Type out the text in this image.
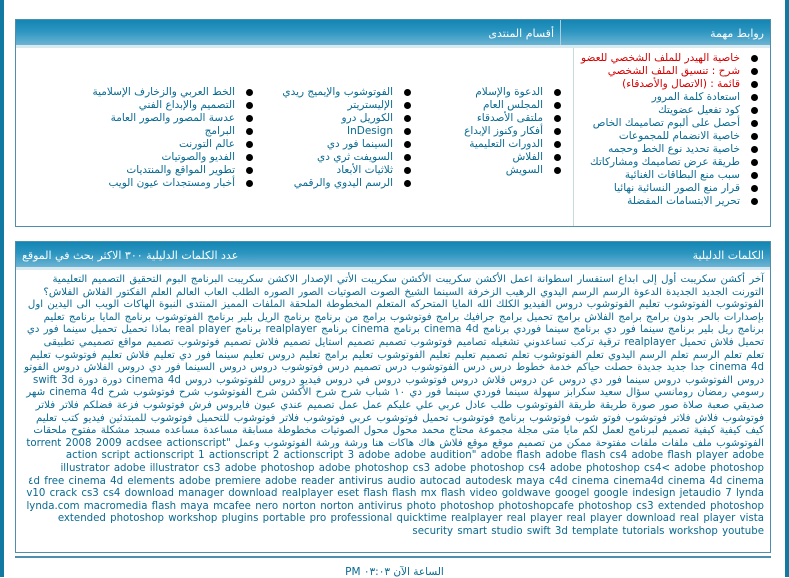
روابط مهمة
أقسام المنتدى
خاصية الهيدر للملف الشخصي للعضو
شرح : تنسيق الملف الشخصي
قائمة : (الاتصال والأصدقاء)
استعادة كلمة المرور
كود تفعيل عضويتك
أحصل على ألبوم تصاميمك الخاص
خاصية الانضمام للمجموعات
خاصية تحديد نوع الخط وحجمه
طريقة عرض تصاميمك ومشاركاتك
سبب منع البطاقات الغنائية
قرار منع الصور النسائية نهائيا
تحرير الابتسامات المفضلة
الدعوة والإسلام
المجلس العام
ملتقى الأصدقاء
أفكار وكنوز الإبداع
الدورات التعليمية
الفلاش
السويش
الفوتوشوب والإيميج ريدي
الإليستريتر
الكوريل درو
InDesign
السينما فور دي
السويفت ثري دي
ثلاثيات الأبعاد
الرسم اليدوي والرقمي
الخط العربي والزخارف الإسلامية
التصميم والإبداع الفني
عدسة المصور والصور العامة
البرامج
عالم التورنت
الفديو والصوتيات
تطوير المواقع والمنتديات
أخبار ومستجدات عيون الويب
الكلمات الدليلية
عدد الكلمات الدليلية ٣٠٠ الاكثر بحث في الموقع
آخر أكشن سكريبت أول إلى ابداع استفسار اسطوانة اعمل الأكشن سكريبت الأكشن سكريبت الأتي الإصدار الاكشن سكريبت البرنامج البوم التحقيق التصميم التعليمية التورنت الجديد الجديدة الدعوة الرسم الرسم اليدوي الرهيب الزخرفة السينما الشيخ الصوت الصوتيات الصور الصوره الطلب العاب العالم العلم الفكتور الفلاش الفلاش؟ الفوتوشوب الفوتوشوب تعليم الفوتوشوب دروس الفيديو الكلك الله المايا المتحركه المتعلم المخطوطة الملحقة الملفات المميز المنتدى النبوة الهاكات الويب الى اليدين اول بإصدارات بالحر بدون برامج برامج الفلاش برامج تحميل برامج جرافيك برامج فوتوشوب برامج من برنامج برنامج الريل بلير برنامج الفوتوشوب برنامج المايا برنامج تعليم برنامج ريل بلير برنامج سينما فور دي برنامج سينما فوردي برنامج cinema 4d برنامج cinema برنامج realplayer برنامج real player بماذا تحميل تحميل سينما فور دي تحميل فلاش تحميل realplayer ترقية تركب تساعدوني تشغيله تصاميم فوتوشوب تصميم تصميم استايل تصميم فلاش تصميم فوتوشوب تصميم مواقع تصميمي تطبيقى تعلم تعلم الرسم تعلم الرسم اليدوي تعلم الفوتوشوب تعلم تصميم تعليم تعليم الفوتوشوب تعليم برامج تعليم دروس تعليم سينما فور دي تعليم فلاش تعليم فوتوشوب تعليم cinema 4d جدا جديد جديدة حصلت حياكم خدمة خطوط درس درس الفوتوشوب درس تصميم درس فوتوشوب دروس دروس السينما فور دي دروس الفلاش دروس الفوتو دروس الفوتوشوب دروس سينما فور دي دروس عن دروس فلاش دروس فوتوشوب دروس في دروس فيديو دروس للفوتوشوب دروس cinema 4d دورة دورة swift 3d رسومي رمضان رومانسي سؤال سعيد سكرابز سهولة سينما فوردي سينما فور دي ١٠ شباب شرح شرح الأكشن شرح الفوتوشوب شرح فوتوشوب شرح cinema 4d شهر صديقي صعبة صلاة صور صورة طريقة طريقة الفوتوشوب طلب عادل عربي علي عليكم عمل عمل تصميم عندي عيون فايروس فرش فوتوشوب فزعة فضلكم فلاتر فلاتر فوتوشوب فلاش فلاتر فوتوشوب فوتو شوب فوتوشوب برنامج فوتوشوب تحميل فوتوشوب عربي فوتوشوب فلاتر فوتوشوب للتحميل فوتوشوب للمبتدئين فيديو كتب تعليم كيف كيفية كيفية تصميم لبرنامج لعمل لكم مايا متى مجلة مجموعة محتاج محمد محول محول الصوتيات مخطوطة مسابقة مساعدة مساعده مسجد مشكلة مفتوح ملحقات الفوتوشوب ملف ملفات ملفات مفتوحة ممكن من تصميم موقع موقع فلاش هاك هاكات هنا ورشة ورشة الفوتوشوب وعمل "torrent 2008 2009 acdsee actionscript action script actionscript 1 actionscript 2 actionscript 3 adobe adobe audition" adobe flash adobe flash cs4 adobe flash player adobe illustrator adobe illustrator cs3 adobe photoshop adobe photoshop cs3 adobe photoshop cs4 adobe photoshop cs4< adobe photoshop elements adobe premiere adobe reader antivirus audio autocad autodesk maya c4d cinema cinema4d cinema 4d cinema ٤d free cinema 4d v10 crack cs3 cs4 download manager download realplayer eset flash flash mx flash video goldwave googel google indesign jetaudio 7 lynda lynda.com macromedia flash maya mcafee nero norton norton antivirus photo photoshop photoshopcafe photoshop cs3 extended photoshop extended photoshop workshop plugins portable pro professional quicktime realplayer real player real player download real player vista security smart studio swift 3d template tutorials workshop youtube
الساعة الآن ٠٣:٠٣ PM
